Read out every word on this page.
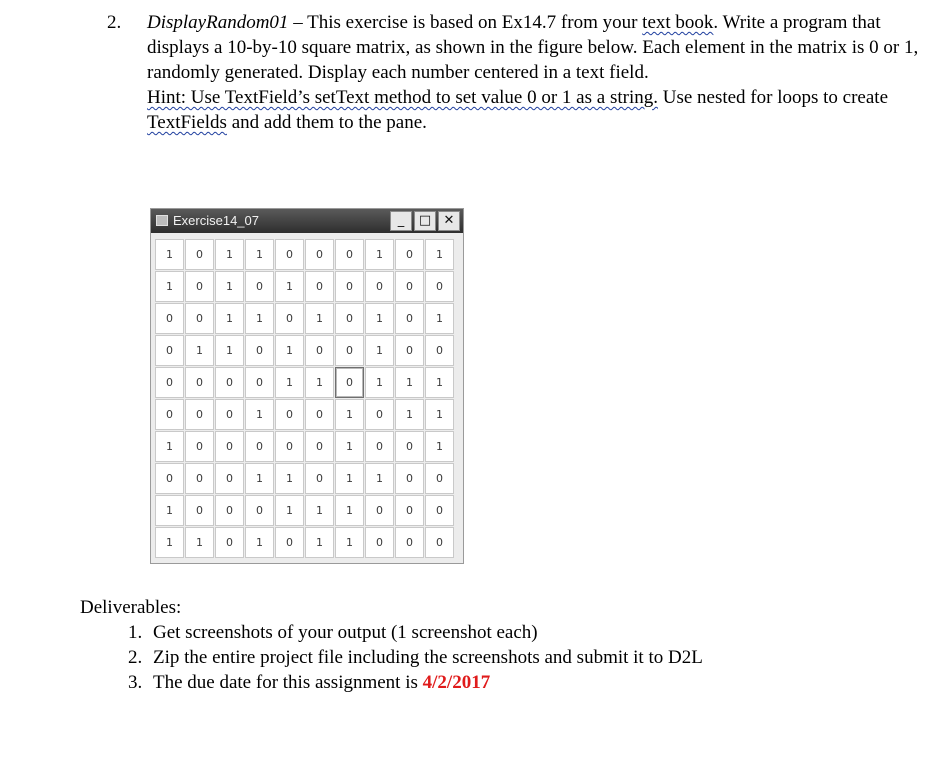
2. DisplayRandom01 – This exercise is based on Ex14.7 from your text book. Write a program that displays a 10-by-10 square matrix, as shown in the figure below. Each element in the matrix is 0 or 1, randomly generated. Display each number centered in a text field.

Hint: Use TextField’s setText method to set value 0 or 1 as a string. Use nested for loops to create TextFields and add them to the pane.

Exercise14_07	_	□ ✕
1	0	1	1	0	0	0	1	0	1
1	0	1	0	1	0	0	0	0	0
0	0	1	1	0	1	0	1	0	1
0	1	1	0	1	0	0	1	0	0
0	0	0	0	1	1	0	1	1	1
0	0	0	1	0	0	1	0	1	1
1	0	0	0	0	0	1	0	0	1
0	0	0	1	1	0	1	1	0	0
1	0	0	0	1	1	1	0	0	0
1	1	0	1	0	1	1	0	0	0

Deliverables:

1. Get screenshots of your output (1 screenshot each)
2. Zip the entire project file including the screenshots and submit it to D2L
3. The due date for this assignment is 4/2/2017
